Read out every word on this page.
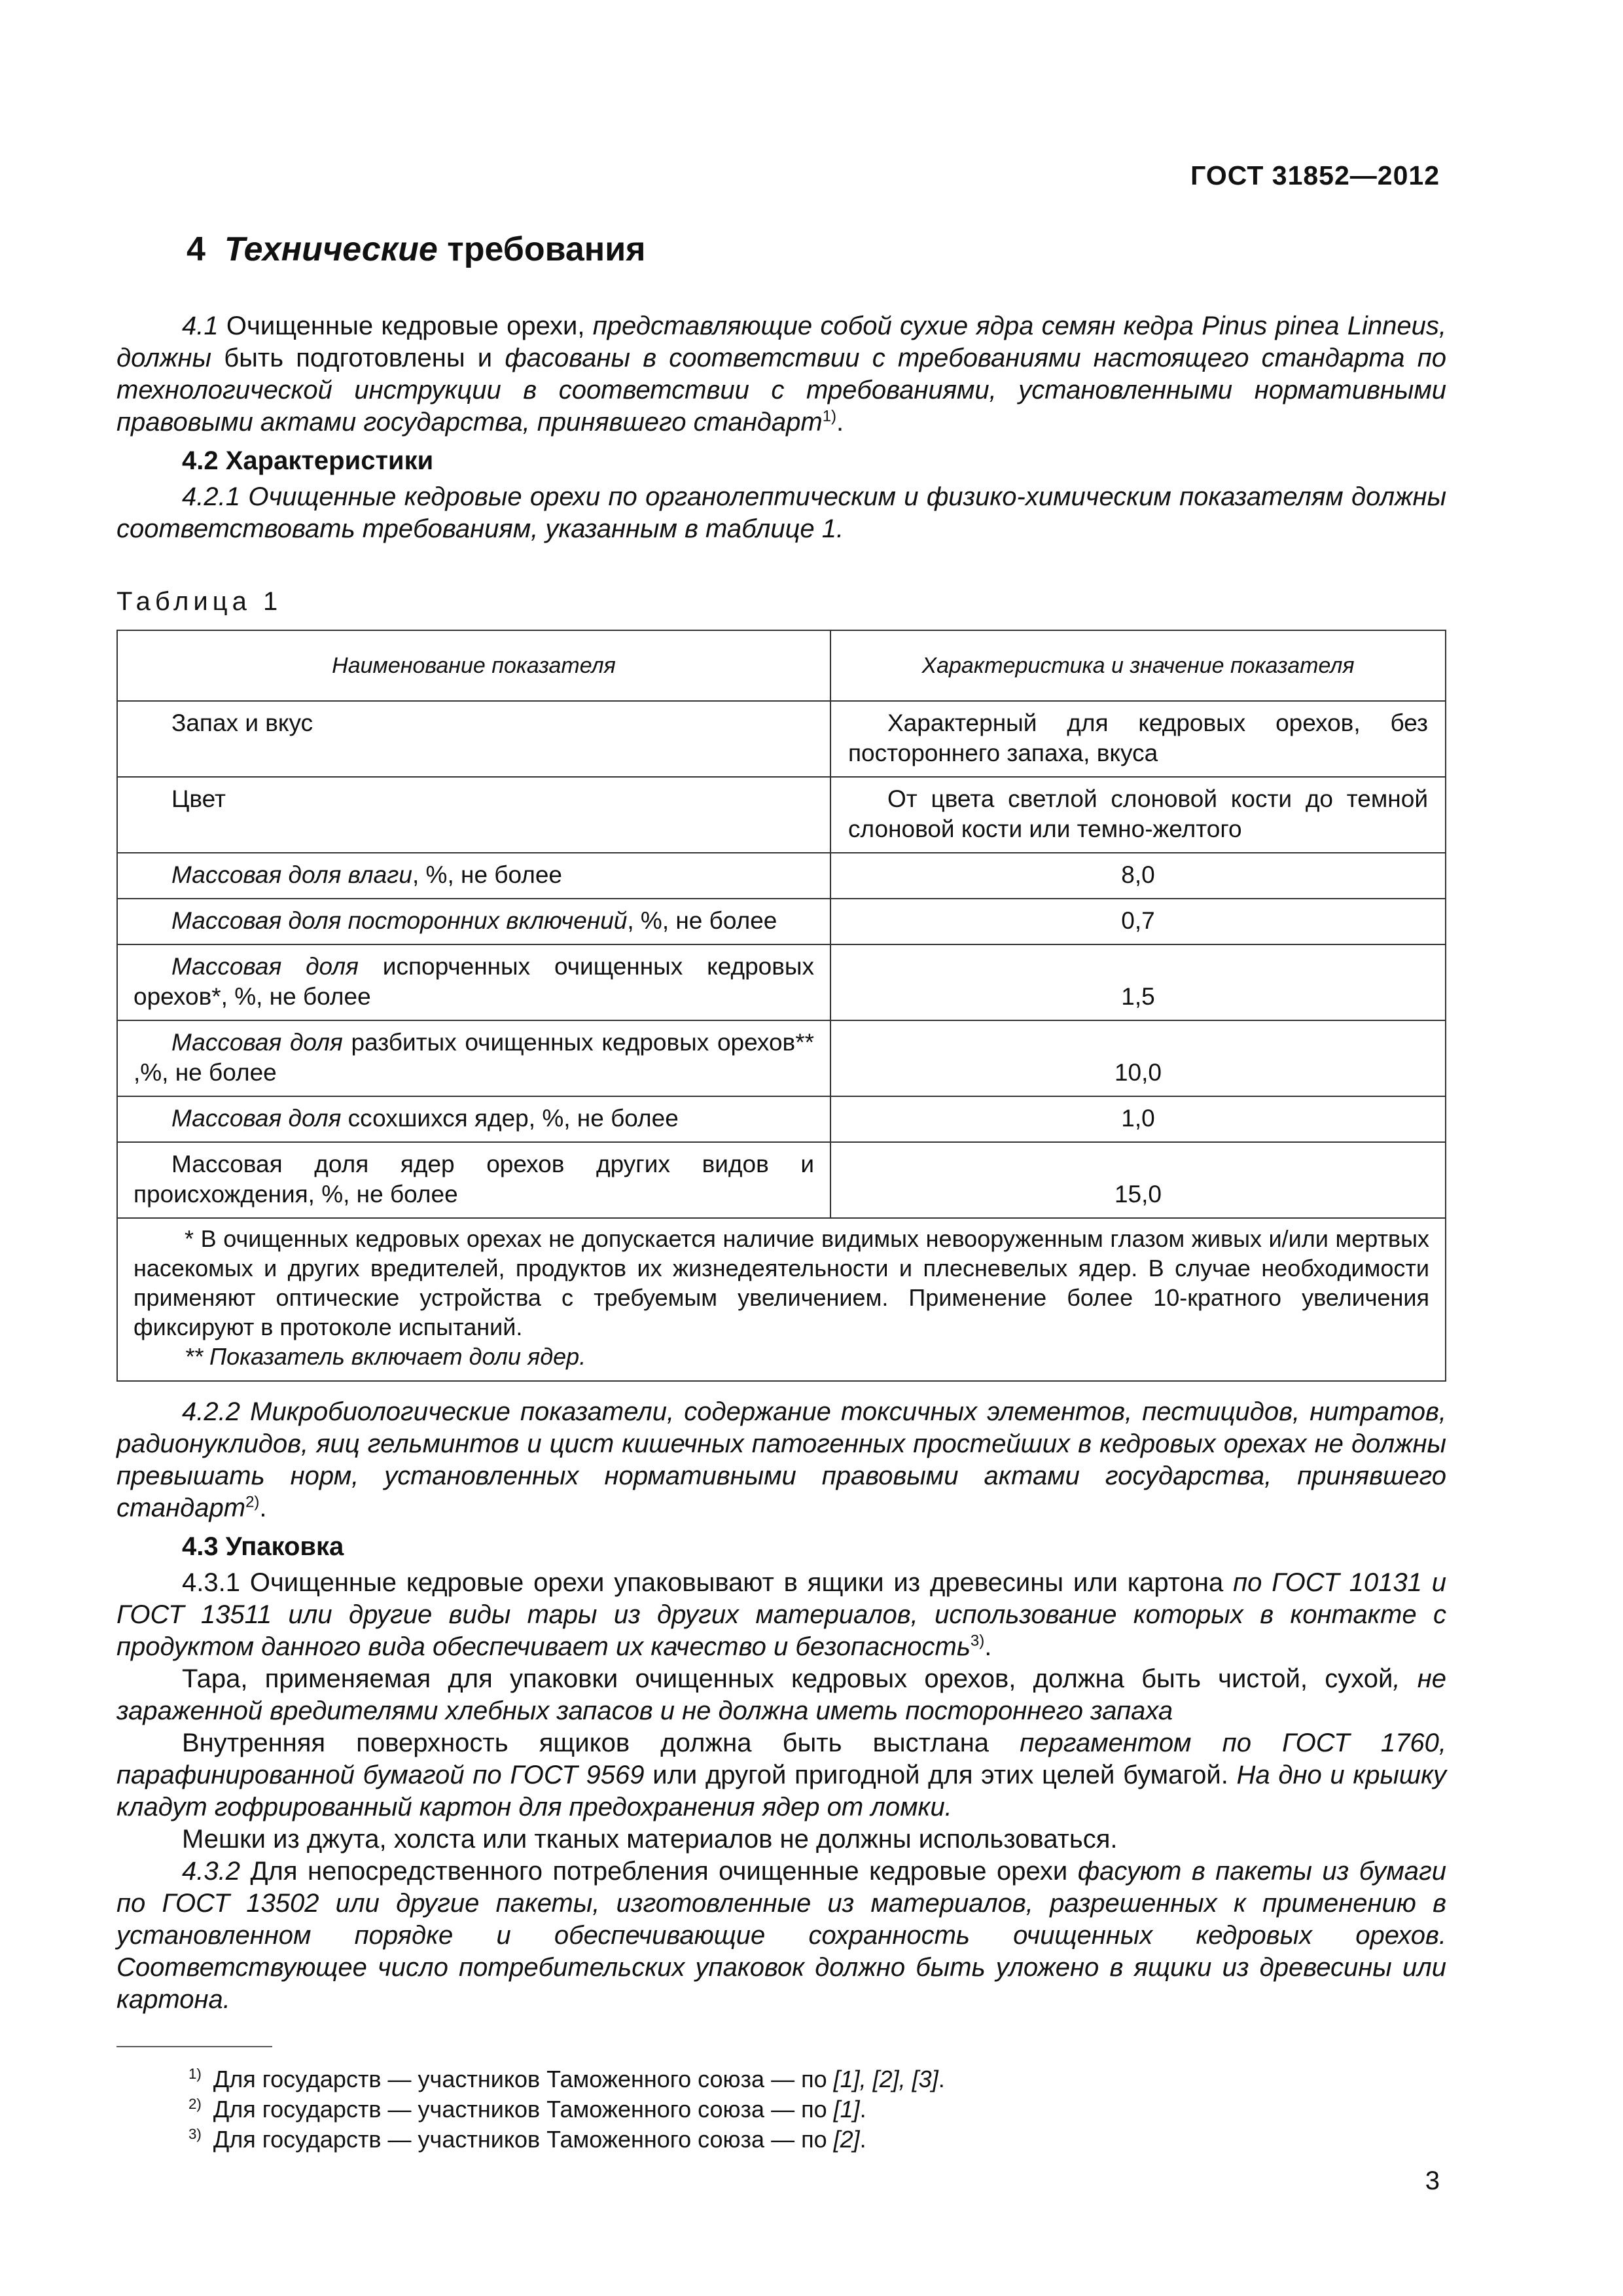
ГОСТ 31852—2012
4 Технические требования

4.1 Очищенные кедровые орехи, представляющие собой сухие ядра семян кедра Pinus pinea Linneus, должны быть подготовлены и фасованы в соответствии с требованиями настоящего стандарта по технологической инструкции в соответствии с требованиями, установленными нормативными правовыми актами государства, принявшего стандарт$^{1)}$.

4.2 Характеристики

4.2.1 Очищенные кедровые орехи по органолептическим и физико-химическим показателям должны соответствовать требованиям, указанным в таблице 1.

Таблица 1
Наименование показателя	Характеристика и значение показателя

Запах и вкус	Характерный для кедровых орехов, без постороннего запаха, вкуса

Цвет	От цвета светлой слоновой кости до темной слоновой кости или темно-желтого

Массовая доля влаги, %, не более	8,0

Массовая доля посторонних включений, %, не более	0,7

Массовая доля испорченных очищенных кедровых орехов*, %, не более	1,5

Массовая доля разбитых очищенных кедровых орехов** ,%, не более	10,0

Массовая доля ссохшихся ядер, %, не более	1,0

Массовая доля ядер орехов других видов и происхождения, %, не более	15,0

* В очищенных кедровых орехах не допускается наличие видимых невооруженным глазом живых и/или мертвых насекомых и других вредителей, продуктов их жизнедеятельности и плесневелых ядер. В случае необходимости применяют оптические устройства с требуемым увеличением. Применение более 10-кратного увеличения фиксируют в протоколе испытаний.
** Показатель включает доли ядер.	

4.2.2 Микробиологические показатели, содержание токсичных элементов, пестицидов, нитратов, радионуклидов, яиц гельминтов и цист кишечных патогенных простейших в кедровых орехах не должны превышать норм, установленных нормативными правовыми актами государства, принявшего стандарт$^{2)}$.

4.3 Упаковка

4.3.1 Очищенные кедровые орехи упаковывают в ящики из древесины или картона по ГОСТ 10131 и ГОСТ 13511 или другие виды тары из других материалов, использование которых в контакте с продуктом данного вида обеспечивает их качество и безопасность$^{3)}$.

Тара, применяемая для упаковки очищенных кедровых орехов, должна быть чистой, сухой, не зараженной вредителями хлебных запасов и не должна иметь постороннего запаха

Внутренняя поверхность ящиков должна быть выстлана пергаментом по ГОСТ 1760, парафинированной бумагой по ГОСТ 9569 или другой пригодной для этих целей бумагой. На дно и крышку кладут гофрированный картон для предохранения ядер от ломки.

Мешки из джута, холста или тканых материалов не должны использоваться.

4.3.2 Для непосредственного потребления очищенные кедровые орехи фасуют в пакеты из бумаги по ГОСТ 13502 или другие пакеты, изготовленные из материалов, разрешенных к применению в установленном порядке и обеспечивающие сохранность очищенных кедровых орехов. Соответствующее число потребительских упаковок должно быть уложено в ящики из древесины или картона.

$^{1)}$ Для государств — участников Таможенного союза — по [1], [2], [3].
$^{2)}$ Для государств — участников Таможенного союза — по [1].
$^{3)}$ Для государств — участников Таможенного союза — по [2].
3
